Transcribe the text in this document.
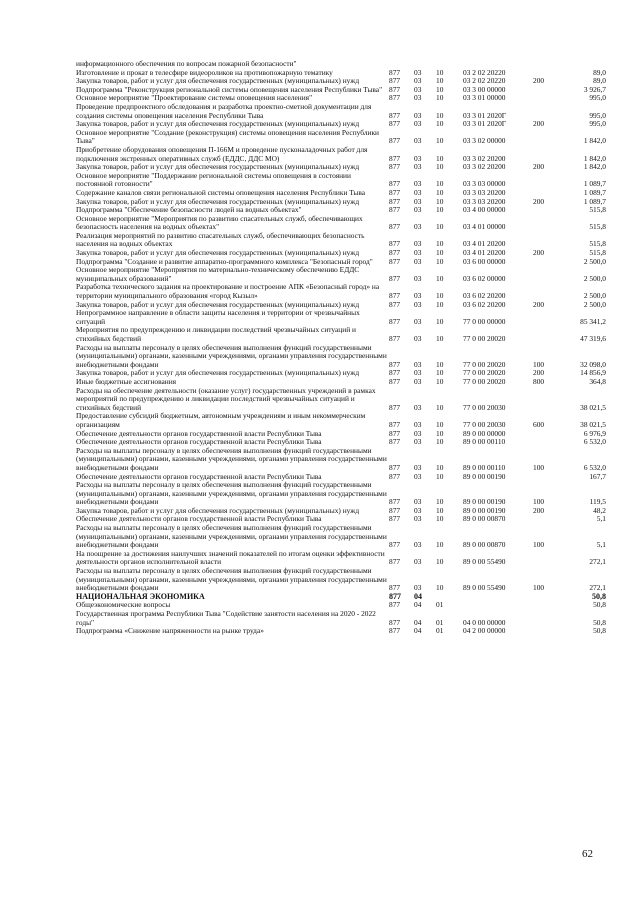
информационного обеспечения по вопросам пожарной безопасности"						
Изготовление и прокат в телесфире видеороликов на противопожарную тематику	877	03	10	03 2 02 20220		89,0
Закупка товаров, работ и услуг для обеспечения государственных (муниципальных) нужд	877	03	10	03 2 02 20220	200	89,0
Подпрограмма "Реконструкция региональной системы оповещения населения Республики Тыва"	877	03	10	03 3 00 00000		3 926,7
Основное мероприятие "Проектирование системы оповещения населения"	877	03	10	03 3 01 00000		995,0
Проведение предпроектного обследования и разработка проектно-сметной документации для создания системы оповещения населения Республики Тыва	877	03	10	03 3 01 2020Г		995,0
Закупка товаров, работ и услуг для обеспечения государственных (муниципальных) нужд	877	03	10	03 3 01 2020Г	200	995,0
Основное мероприятие "Создание (реконструкция) системы оповещения населения Республики Тыва"	877	03	10	03 3 02 00000		1 842,0
Приобретение оборудования оповещения П-166М и проведение пусконаладочных работ для подключения экстренных оперативных служб (ЕДДС, ДДС МО)	877	03	10	03 3 02 20200		1 842,0
Закупка товаров, работ и услуг для обеспечения государственных (муниципальных) нужд	877	03	10	03 3 02 20200	200	1 842,0
Основное мероприятие "Поддержание региональной системы оповещения в состоянии постоянной готовности"	877	03	10	03 3 03 00000		1 089,7
Содержание каналов связи региональной системы оповещения населения Республики Тыва	877	03	10	03 3 03 20200		1 089,7
Закупка товаров, работ и услуг для обеспечения государственных (муниципальных) нужд	877	03	10	03 3 03 20200	200	1 089,7
Подпрограмма "Обеспечение безопасности людей на водных объектах"	877	03	10	03 4 00 00000		515,8
Основное мероприятие "Мероприятия по развитию спасательных служб, обеспечивающих безопасность населения на водных объектах"	877	03	10	03 4 01 00000		515,8
Реализация мероприятий по развитию спасательных служб, обеспечивающих безопасность населения на водных объектах	877	03	10	03 4 01 20200		515,8
Закупка товаров, работ и услуг для обеспечения государственных (муниципальных) нужд	877	03	10	03 4 01 20200	200	515,8
Подпрограмма "Создание и развитие аппаратно-программного комплекса "Безопасный город"	877	03	10	03 6 00 00000		2 500,0
Основное мероприятие "Мероприятия по материально-техническому обеспечению ЕДДС муниципальных образований"	877	03	10	03 6 02 00000		2 500,0
Разработка технического задания на проектирование и построение АПК «Безопасный город» на территории муниципального образования «город Кызыл»	877	03	10	03 6 02 20200		2 500,0
Закупка товаров, работ и услуг для обеспечения государственных (муниципальных) нужд	877	03	10	03 6 02 20200	200	2 500,0
Непрограммное направление в области защиты населения и территории от чрезвычайных ситуаций	877	03	10	77 0 00 00000		85 341,2
Мероприятия по предупреждению и ликвидации последствий чрезвычайных ситуаций и стихийных бедствий	877	03	10	77 0 00 20020		47 319,6
Расходы на выплаты персоналу в целях обеспечения выполнения функций государственными (муниципальными) органами, казенными учреждениями, органами управления государственными внебюджетными фондами	877	03	10	77 0 00 20020	100	32 098,0
Закупка товаров, работ и услуг для обеспечения государственных (муниципальных) нужд	877	03	10	77 0 00 20020	200	14 856,9
Иные бюджетные ассигнования	877	03	10	77 0 00 20020	800	364,8
Расходы на обеспечение деятельности (оказание услуг) государственных учреждений в рамках мероприятий по предупреждению и ликвидации последствий чрезвычайных ситуаций и стихийных бедствий	877	03	10	77 0 00 20030		38 021,5
Предоставление субсидий бюджетным, автономным учреждениям и иным некоммерческим организациям	877	03	10	77 0 00 20030	600	38 021,5
Обеспечение деятельности органов государственной власти Республики Тыва	877	03	10	89 0 00 00000		6 976,9
Обеспечение деятельности органов государственной власти Республики Тыва	877	03	10	89 0 00 00110		6 532,0
Расходы на выплаты персоналу в целях обеспечения выполнения функций государственными (муниципальными) органами, казенными учреждениями, органами управления государственными внебюджетными фондами	877	03	10	89 0 00 00110	100	6 532,0
Обеспечение деятельности органов государственной власти Республики Тыва	877	03	10	89 0 00 00190		167,7
Расходы на выплаты персоналу в целях обеспечения выполнения функций государственными (муниципальными) органами, казенными учреждениями, органами управления государственными внебюджетными фондами	877	03	10	89 0 00 00190	100	119,5
Закупка товаров, работ и услуг для обеспечения государственных (муниципальных) нужд	877	03	10	89 0 00 00190	200	48,2
Обеспечение деятельности органов государственной власти Республики Тыва	877	03	10	89 0 00 00870		5,1
Расходы на выплаты персоналу в целях обеспечения выполнения функций государственными (муниципальными) органами, казенными учреждениями, органами управления государственными внебюджетными фондами	877	03	10	89 0 00 00870	100	5,1
На поощрение за достижения наилучших значений показателей по итогам оценки эффективности деятельности органов исполнительной власти	877	03	10	89 0 00 55490		272,1
Расходы на выплаты персоналу в целях обеспечения выполнения функций государственными (муниципальными) органами, казенными учреждениями, органами управления государственными внебюджетными фондами	877	03	10	89 0 00 55490	100	272,1
НАЦИОНАЛЬНАЯ ЭКОНОМИКА	877	04				50,8
Общеэкономические вопросы	877	04	01			50,8
Государственная программа Республики Тыва "Содействие занятости населения на 2020 - 2022 годы"	877	04	01	04 0 00 00000		50,8
Подпрограмма «Снижение напряженности на рынке труда»	877	04	01	04 2 00 00000		50,8
62
